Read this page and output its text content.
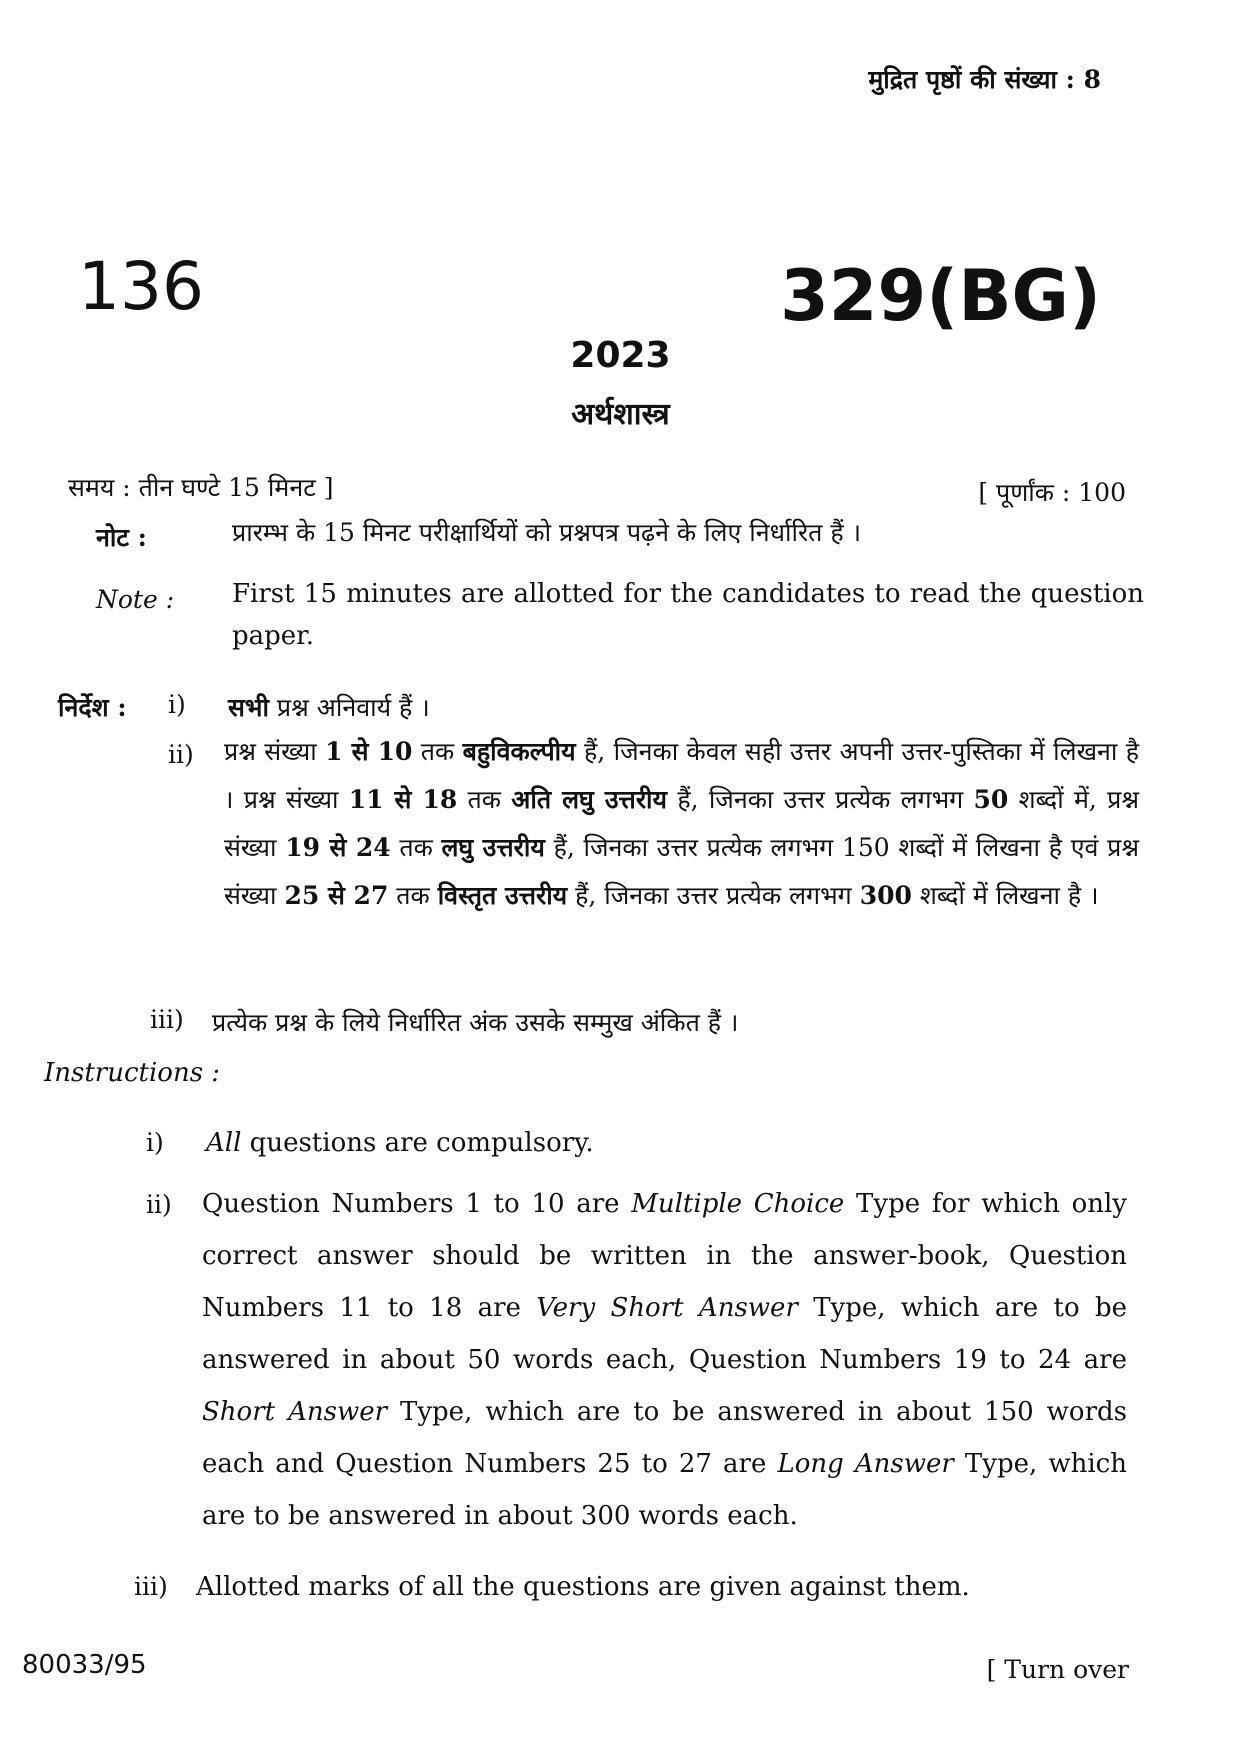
मुद्रित पृष्ठों की संख्या : 8
136	329(BG)
2023
अर्थशास्त्र
समय : तीन घण्टे 15 मिनट ]	[ पूर्णांक : 100
नोट :	प्रारम्भ के 15 मिनट परीक्षार्थियों को प्रश्नपत्र पढ़ने के लिए निर्धारित हैं ।
Note : First 15 minutes are allotted for the candidates to read the question paper.
निर्देश : i) सभी प्रश्न अनिवार्य हैं ।
ii) प्रश्न संख्या 1 से 10 तक बहुविकल्पीय हैं, जिनका केवल सही उत्तर अपनी उत्तर-पुस्तिका में लिखना है । प्रश्न संख्या 11 से 18 तक अति लघु उत्तरीय हैं, जिनका उत्तर प्रत्येक लगभग 50 शब्दों में, प्रश्न संख्या 19 से 24 तक लघु उत्तरीय हैं, जिनका उत्तर प्रत्येक लगभग 150 शब्दों में लिखना है एवं प्रश्न संख्या 25 से 27 तक विस्तृत उत्तरीय हैं, जिनका उत्तर प्रत्येक लगभग 300 शब्दों में लिखना है ।
iii) प्रत्येक प्रश्न के लिये निर्धारित अंक उसके सम्मुख अंकित हैं ।
Instructions :
i) All questions are compulsory.
ii) Question Numbers 1 to 10 are Multiple Choice Type for which only correct answer should be written in the answer-book, Question Numbers 11 to 18 are Very Short Answer Type, which are to be answered in about 50 words each, Question Numbers 19 to 24 are Short Answer Type, which are to be answered in about 150 words each and Question Numbers 25 to 27 are Long Answer Type, which are to be answered in about 300 words each.
iii) Allotted marks of all the questions are given against them.
80033/95	[ Turn over
